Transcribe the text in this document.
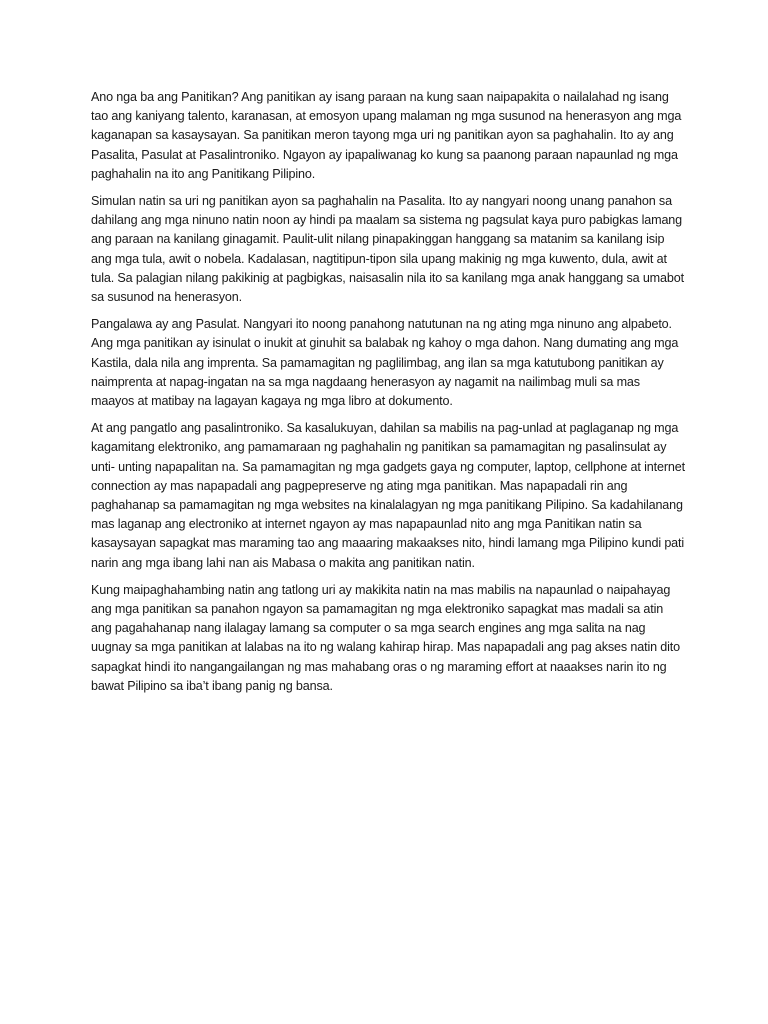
Ano nga ba ang Panitikan? Ang panitikan ay isang paraan na kung saan naipapakita o nailalahad ng isang tao ang kaniyang talento, karanasan, at emosyon upang malaman ng mga susunod na henerasyon ang mga kaganapan sa kasaysayan. Sa panitikan meron tayong mga uri ng panitikan ayon sa paghahalin. Ito ay ang Pasalita, Pasulat at Pasalintroniko. Ngayon ay ipapaliwanag ko kung sa paanong paraan napaunlad ng mga paghahalin na ito ang Panitikang Pilipino.

Simulan natin sa uri ng panitikan ayon sa paghahalin na Pasalita. Ito ay nangyari noong unang panahon sa dahilang ang mga ninuno natin noon ay hindi pa maalam sa sistema ng pagsulat kaya puro pabigkas lamang ang paraan na kanilang ginagamit. Paulit-ulit nilang pinapakinggan hanggang sa matanim sa kanilang isip ang mga tula, awit o nobela. Kadalasan, nagtitipun-tipon sila upang makinig ng mga kuwento, dula, awit at tula. Sa palagian nilang pakikinig at pagbigkas, naisasalin nila ito sa kanilang mga anak hanggang sa umabot sa susunod na henerasyon.

Pangalawa ay ang Pasulat. Nangyari ito noong panahong natutunan na ng ating mga ninuno ang alpabeto. Ang mga panitikan ay isinulat o inukit at ginuhit sa balabak ng kahoy o mga dahon. Nang dumating ang mga Kastila, dala nila ang imprenta. Sa pamamagitan ng paglilimbag, ang ilan sa mga katutubong panitikan ay naimprenta at napag-ingatan na sa mga nagdaang henerasyon ay nagamit na nailimbag muli sa mas maayos at matibay na lagayan kagaya ng mga libro at dokumento.

At ang pangatlo ang pasalintroniko. Sa kasalukuyan, dahilan sa mabilis na pag-unlad at paglaganap ng mga kagamitang elektroniko, ang pamamaraan ng paghahalin ng panitikan sa pamamagitan ng pasalinsulat ay unti- unting napapalitan na. Sa pamamagitan ng mga gadgets gaya ng computer, laptop, cellphone at internet connection ay mas napapadali ang pagpepreserve ng ating mga panitikan. Mas napapadali rin ang paghahanap sa pamamagitan ng mga websites na kinalalagyan ng mga panitikang Pilipino. Sa kadahilanang mas laganap ang electroniko at internet ngayon ay mas napapaunlad nito ang mga Panitikan natin sa kasaysayan sapagkat mas maraming tao ang maaaring makaakses nito, hindi lamang mga Pilipino kundi pati narin ang mga ibang lahi nan ais Mabasa o makita ang panitikan natin.

Kung maipaghahambing natin ang tatlong uri ay makikita natin na mas mabilis na napaunlad o naipahayag ang mga panitikan sa panahon ngayon sa pamamagitan ng mga elektroniko sapagkat mas madali sa atin ang pagahahanap nang ilalagay lamang sa computer o sa mga search engines ang mga salita na nag uugnay sa mga panitikan at lalabas na ito ng walang kahirap hirap. Mas napapadali ang pag akses natin dito sapagkat hindi ito nangangailangan ng mas mahabang oras o ng maraming effort at naaakses narin ito ng bawat Pilipino sa iba’t ibang panig ng bansa.
